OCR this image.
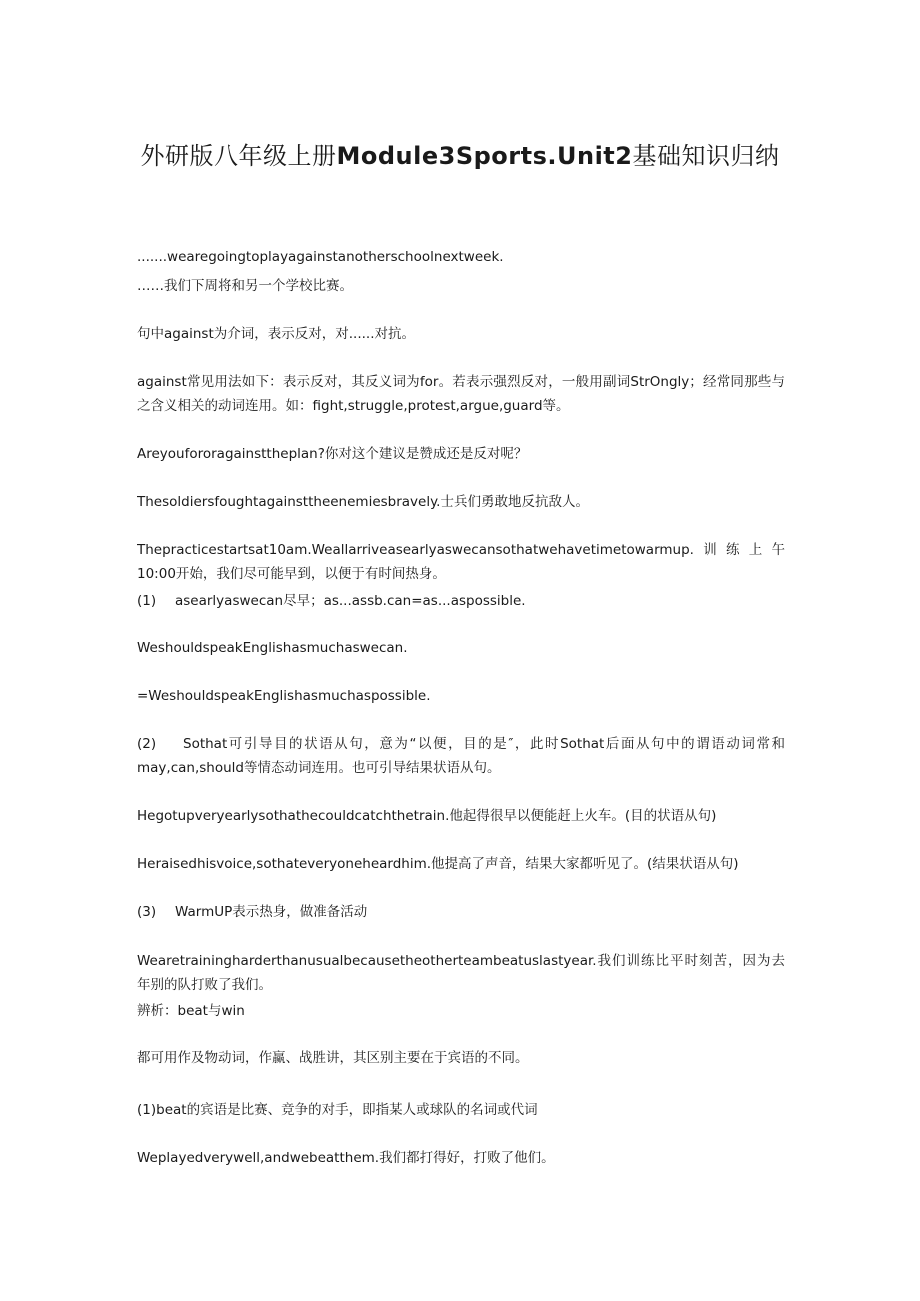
外研版八年级上册Module3Sports.Unit2基础知识归纳
.......wearegoingtoplayagainstanotherschoolnextweek.
……我们下周将和另一个学校比赛。
句中against为介词，表示反对，对......对抗。
against常见用法如下：表示反对，其反义词为for。若表示强烈反对，一般用副词StrOngly；经常同那些与之含义相关的动词连用。如：fight,struggle,protest,argue,guard等。
Areyoufororagainsttheplan?你对这个建议是赞成还是反对呢？
Thesoldiersfoughtagainsttheenemiesbravely.士兵们勇敢地反抗敌人。
Thepracticestartsat10am.Weallarriveasearlyaswecansothatwehavetimetowarmup.训练上午10:00开始，我们尽可能早到，以便于有时间热身。
(1) asearlyaswecan尽早；as...assb.can=as...aspossible.
WeshouldspeakEnglishasmuchaswecan.
=WeshouldspeakEnglishasmuchaspossible.
(2) Sothat可引导目的状语从句，意为“以便，目的是″，此时Sothat后面从句中的谓语动词常和may,can,should等情态动词连用。也可引导结果状语从句。
Hegotupveryearlysothathecouldcatchthetrain.他起得很早以便能赶上火车。(目的状语从句)
Heraisedhisvoice,sothateveryoneheardhim.他提高了声音，结果大家都听见了。(结果状语从句)
(3) WarmUP表示热身，做准备活动
Wearetrainingharderthanusualbecausetheotherteambeatuslastyear.我们训练比平时刻苦，因为去年别的队打败了我们。
辨析：beat与win
都可用作及物动词，作赢、战胜讲，其区别主要在于宾语的不同。
(1)beat的宾语是比赛、竞争的对手，即指某人或球队的名词或代词
Weplayedverywell,andwebeatthem.我们都打得好，打败了他们。
